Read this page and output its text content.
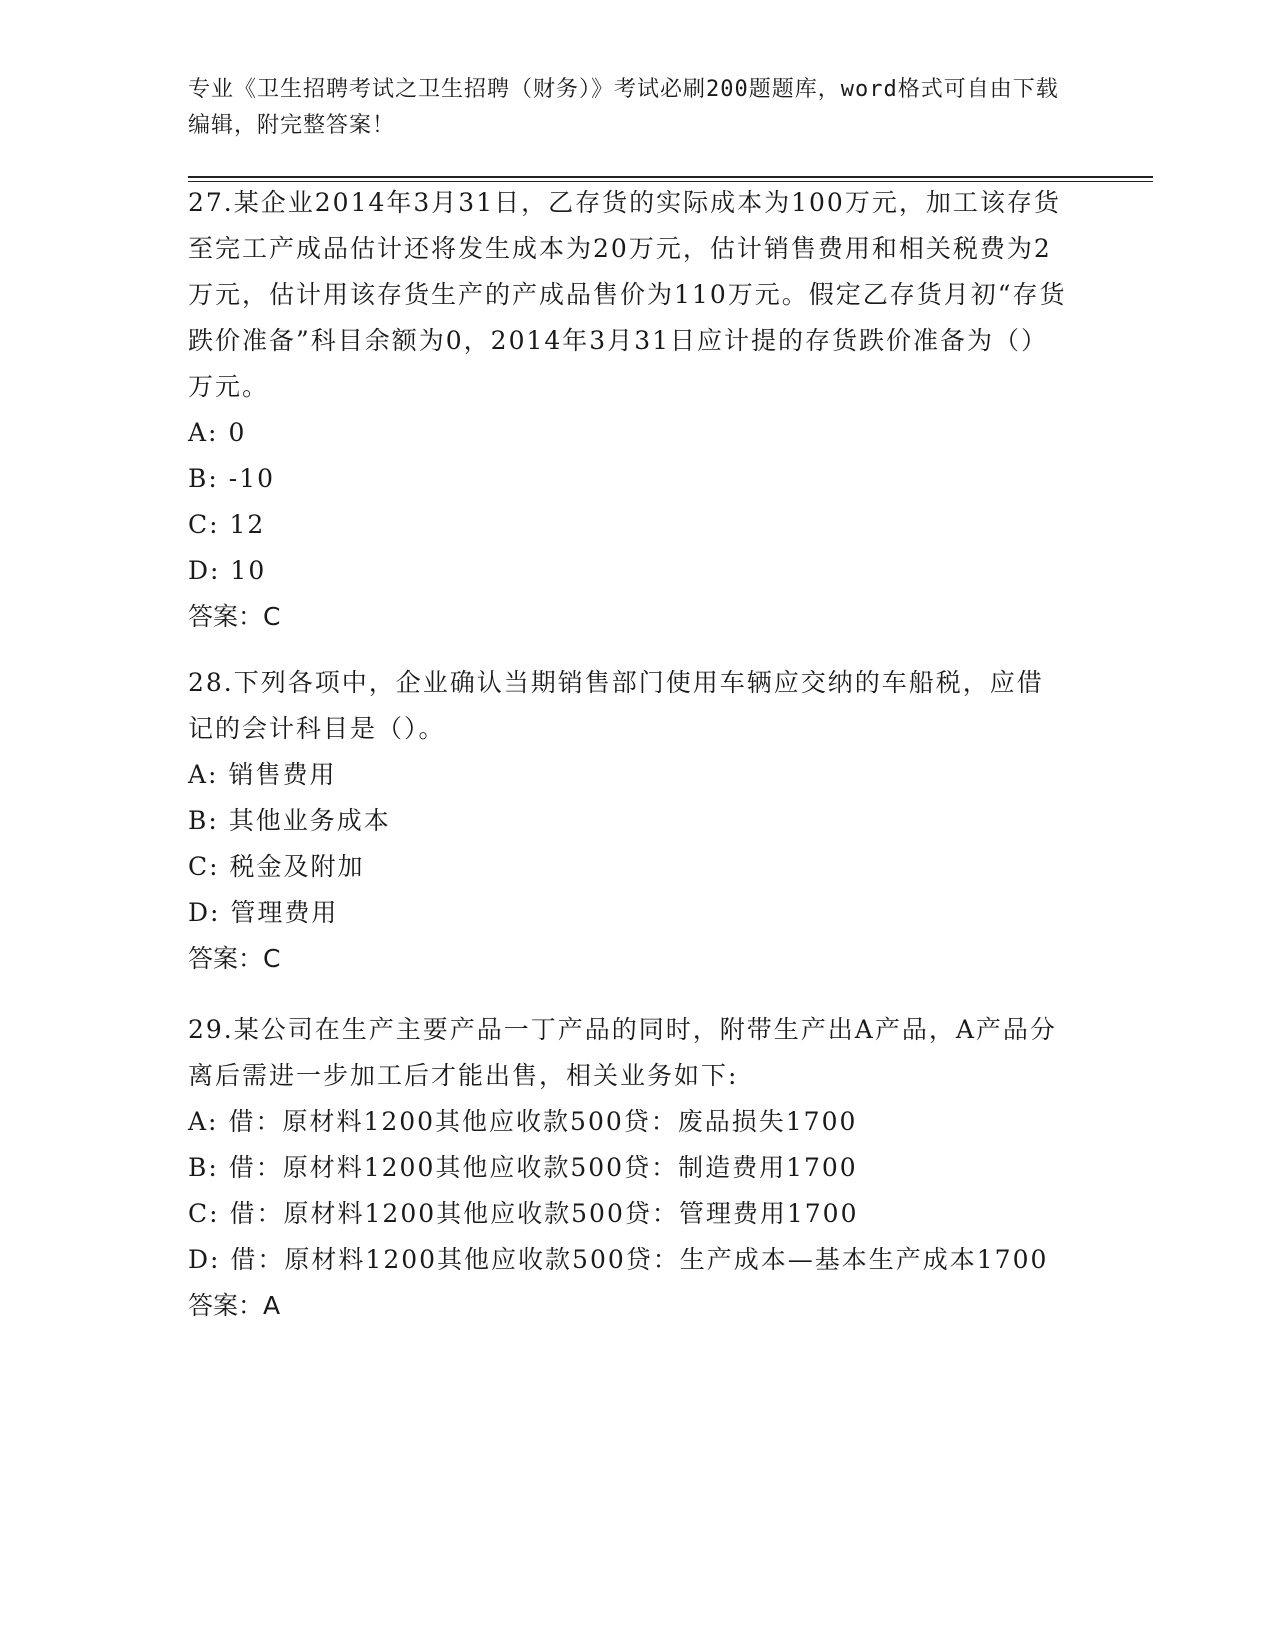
专业《卫生招聘考试之卫生招聘（财务）》考试必刷200题题库，word格式可自由下载编辑，附完整答案！
27.某企业2014年3月31日，乙存货的实际成本为100万元，加工该存货至完工产成品估计还将发生成本为20万元，估计销售费用和相关税费为2万元，估计用该存货生产的产成品售价为110万元。假定乙存货月初“存货跌价准备”科目余额为0，2014年3月31日应计提的存货跌价准备为（）万元。
A: 0
B: -10
C: 12
D: 10
答案：C
28.下列各项中，企业确认当期销售部门使用车辆应交纳的车船税，应借记的会计科目是（）。
A: 销售费用
B: 其他业务成本
C: 税金及附加
D: 管理费用
答案：C
29.某公司在生产主要产品一丁产品的同时，附带生产出A产品，A产品分离后需进一步加工后才能出售，相关业务如下:
A: 借：原材料1200其他应收款500贷：废品损失1700
B: 借：原材料1200其他应收款500贷：制造费用1700
C: 借：原材料1200其他应收款500贷：管理费用1700
D: 借：原材料1200其他应收款500贷：生产成本—基本生产成本1700
答案：A
